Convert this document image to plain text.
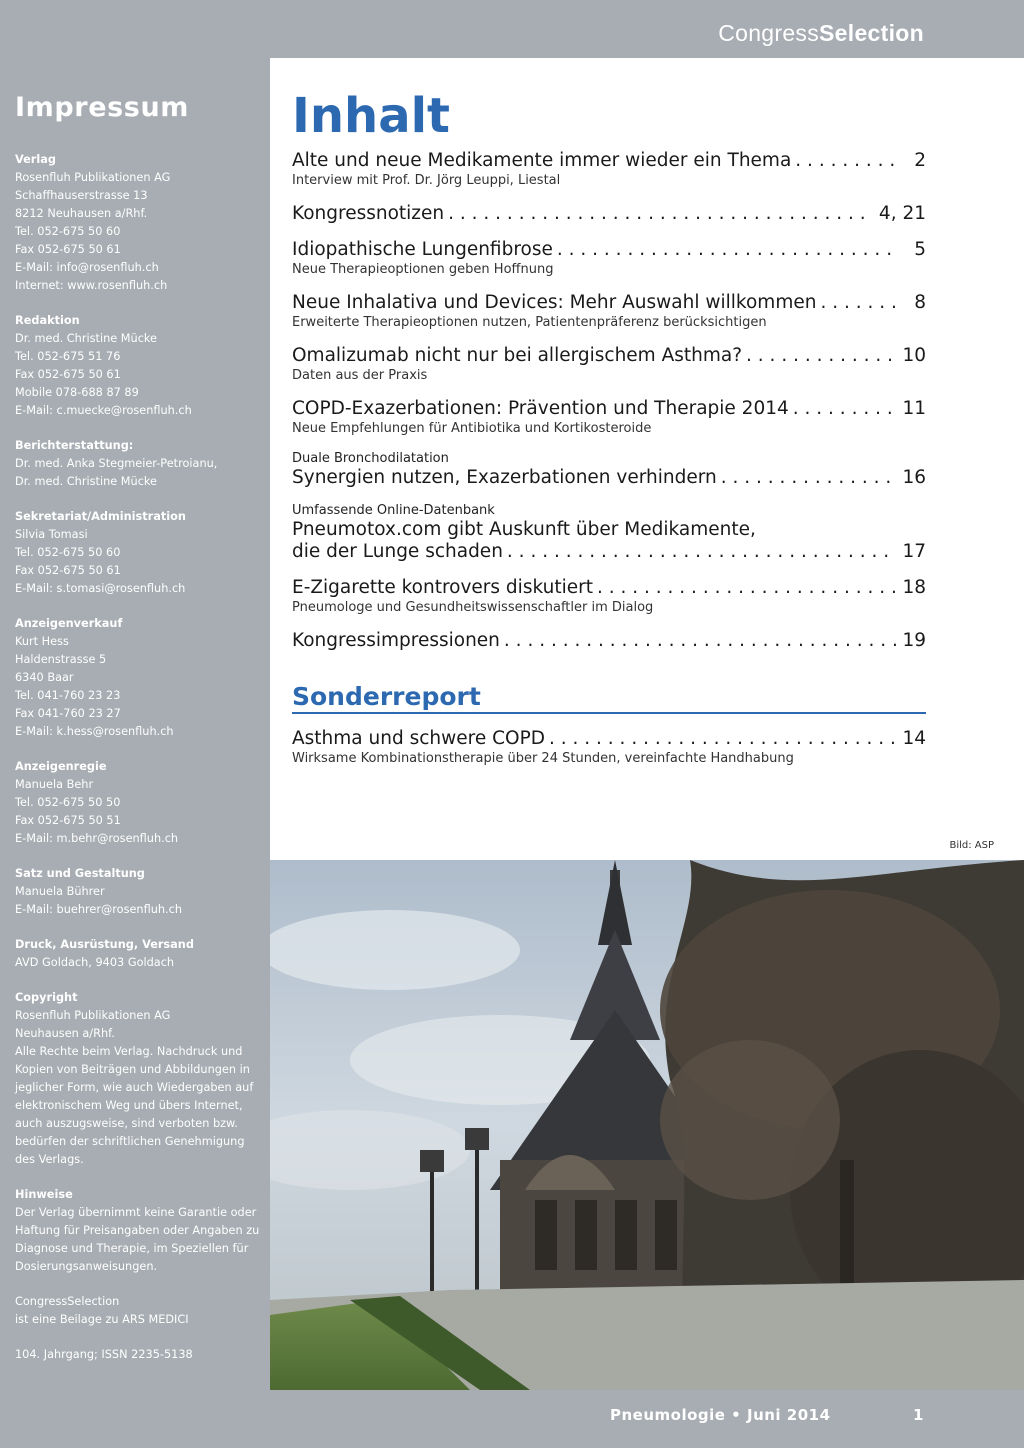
CongressSelection
Impressum
Verlag
Rosenfluh Publikationen AG
Schaffhauserstrasse 13
8212 Neuhausen a/Rhf.
Tel. 052-675 50 60
Fax 052-675 50 61
E-Mail: info@rosenfluh.ch
Internet: www.rosenfluh.ch
Redaktion
Dr. med. Christine Mücke
Tel. 052-675 51 76
Fax 052-675 50 61
Mobile 078-688 87 89
E-Mail: c.muecke@rosenfluh.ch
Berichterstattung:
Dr. med. Anka Stegmeier-Petroianu,
Dr. med. Christine Mücke
Sekretariat/Administration
Silvia Tomasi
Tel. 052-675 50 60
Fax 052-675 50 61
E-Mail: s.tomasi@rosenfluh.ch
Anzeigenverkauf
Kurt Hess
Haldenstrasse 5
6340 Baar
Tel. 041-760 23 23
Fax 041-760 23 27
E-Mail: k.hess@rosenfluh.ch
Anzeigenregie
Manuela Behr
Tel. 052-675 50 50
Fax 052-675 50 51
E-Mail: m.behr@rosenfluh.ch
Satz und Gestaltung
Manuela Bührer
E-Mail: buehrer@rosenfluh.ch
Druck, Ausrüstung, Versand
AVD Goldach, 9403 Goldach
Copyright
Rosenfluh Publikationen AG
Neuhausen a/Rhf.
Alle Rechte beim Verlag. Nachdruck und
Kopien von Beiträgen und Abbildungen in
jeglicher Form, wie auch Wiedergaben auf
elektronischem Weg und übers Internet,
auch auszugsweise, sind verboten bzw.
bedürfen der schriftlichen Genehmigung
des Verlags.
Hinweise
Der Verlag übernimmt keine Garantie oder
Haftung für Preisangaben oder Angaben zu
Diagnose und Therapie, im Speziellen für
Dosierungsanweisungen.
CongressSelection
ist eine Beilage zu ARS MEDICI
104. Jahrgang; ISSN 2235-5138
Inhalt
Alte und neue Medikamente immer wieder ein Thema . . .	2
Interview mit Prof. Dr. Jörg Leuppi, Liestal
Kongressnotizen . . .	4, 21
Idiopathische Lungenfibrose . . .	5
Neue Therapieoptionen geben Hoffnung
Neue Inhalativa und Devices: Mehr Auswahl willkommen . . .	8
Erweiterte Therapieoptionen nutzen, Patientenpräferenz berücksichtigen
Omalizumab nicht nur bei allergischem Asthma? . . .	10
Daten aus der Praxis
COPD-Exazerbationen: Prävention und Therapie 2014 . . .	11
Neue Empfehlungen für Antibiotika und Kortikosteroide
Duale Bronchodilatation
Synergien nutzen, Exazerbationen verhindern . . .	16
Umfassende Online-Datenbank
Pneumotox.com gibt Auskunft über Medikamente,
die der Lunge schaden . . .	17
E-Zigarette kontrovers diskutiert . . .	18
Pneumologe und Gesundheitswissenschaftler im Dialog
Kongressimpressionen . . .	19
Sonderreport
Asthma und schwere COPD . . .	14
Wirksame Kombinationstherapie über 24 Stunden, vereinfachte Handhabung
Bild: ASP
Pneumologie • Juni 2014	1
